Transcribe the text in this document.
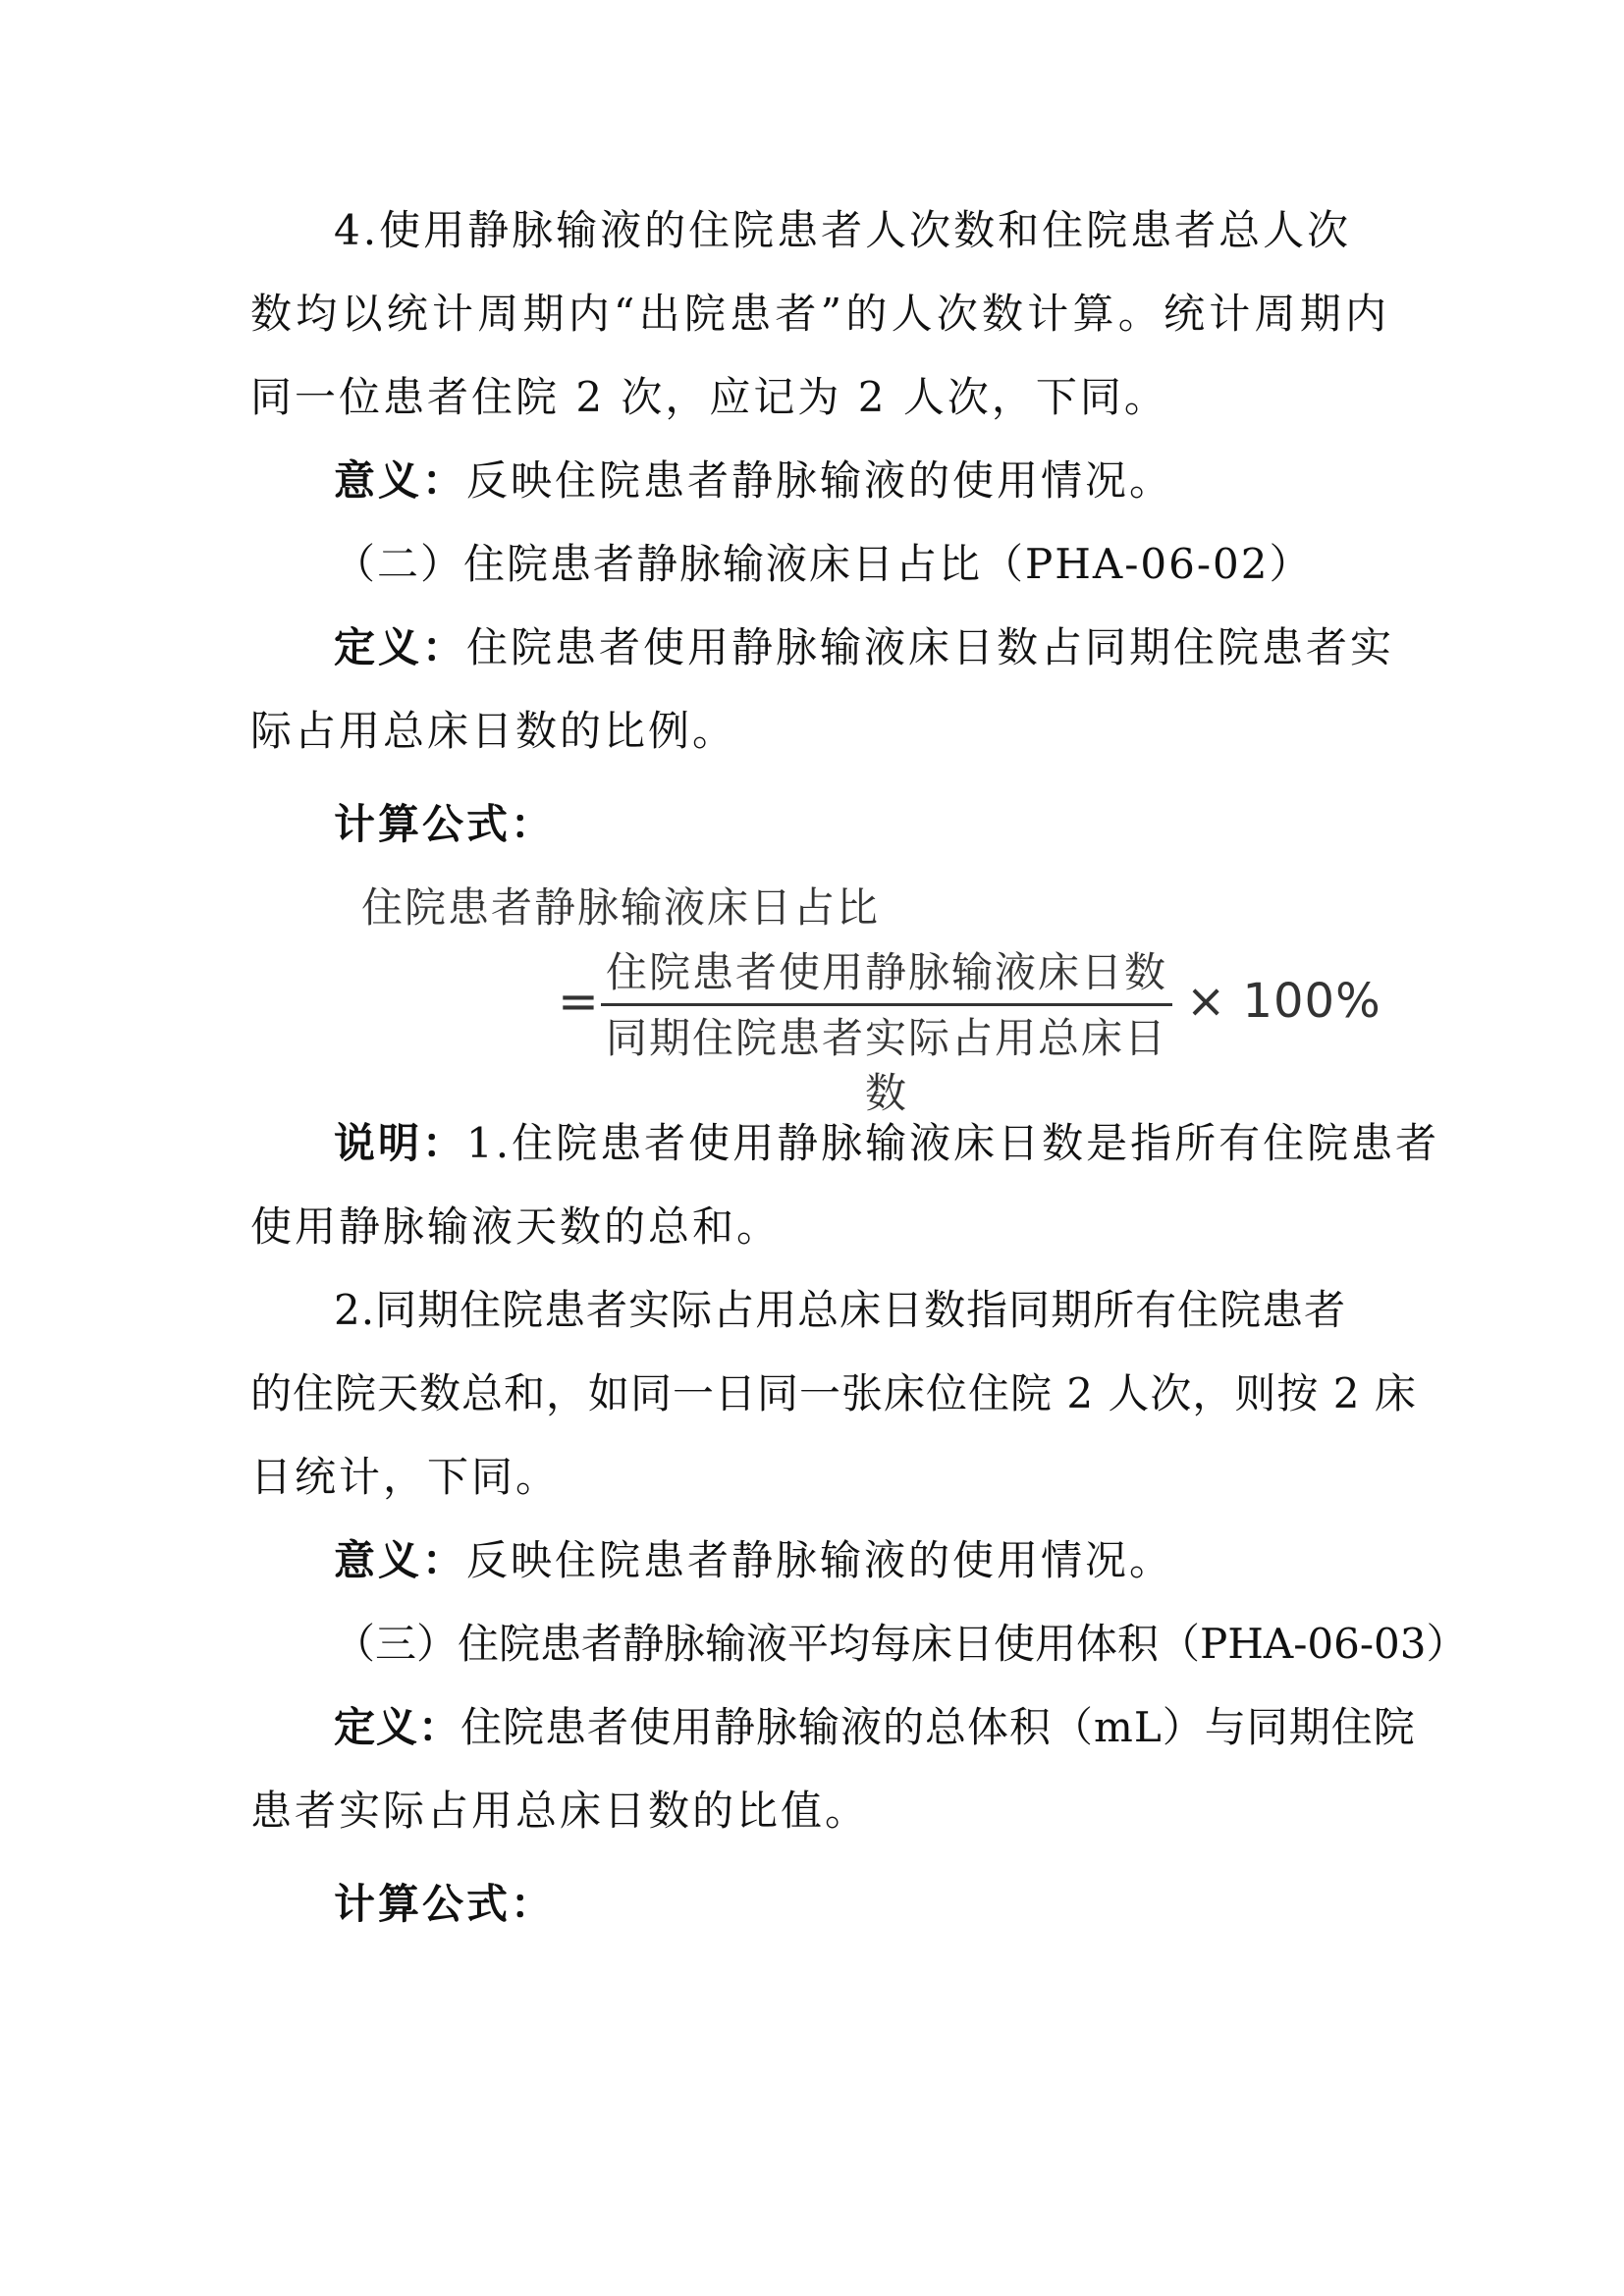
4.使用静脉输液的住院患者人次数和住院患者总人次
数均以统计周期内“出院患者”的人次数计算。统计周期内
同一位患者住院 2 次，应记为 2 人次，下同。
意义：反映住院患者静脉输液的使用情况。
（二）住院患者静脉输液床日占比（PHA-06-02）
定义：住院患者使用静脉输液床日数占同期住院患者实
际占用总床日数的比例。
计算公式：
住院患者静脉输液床日占比
=
住院患者使用静脉输液床日数
同期住院患者实际占用总床日数
× 100%
说明：1.住院患者使用静脉输液床日数是指所有住院患者
使用静脉输液天数的总和。
2.同期住院患者实际占用总床日数指同期所有住院患者
的住院天数总和，如同一日同一张床位住院 2 人次，则按 2 床
日统计，下同。
意义：反映住院患者静脉输液的使用情况。
（三）住院患者静脉输液平均每床日使用体积（PHA-06-03）
定义：住院患者使用静脉输液的总体积（mL）与同期住院
患者实际占用总床日数的比值。
计算公式：
